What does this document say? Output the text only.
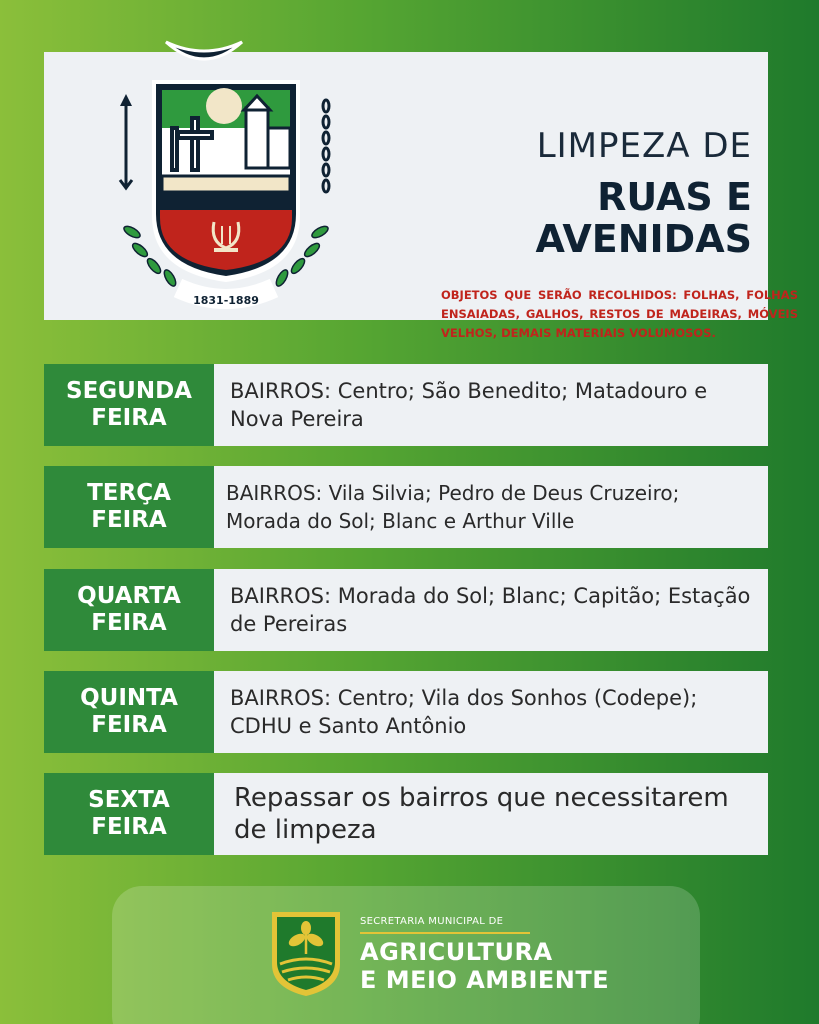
LIMPEZA DE
RUAS E
AVENIDAS
OBJETOS QUE SERÃO RECOLHIDOS: FOLHAS, FOLHAS ENSAIADAS, GALHOS, RESTOS DE MADEIRAS, MÓVEIS VELHOS, DEMAIS MATERIAIS VOLUMOSOS.
1831-1889
SEGUNDA
FEIRA
BAIRROS: Centro; São Benedito; Matadouro e Nova Pereira
TERÇA
FEIRA
BAIRROS: Vila Silvia; Pedro de Deus Cruzeiro; Morada do Sol; Blanc e Arthur Ville
QUARTA
FEIRA
BAIRROS: Morada do Sol; Blanc; Capitão; Estação de Pereiras
QUINTA
FEIRA
BAIRROS: Centro; Vila dos Sonhos (Codepe); CDHU e Santo Antônio
SEXTA
FEIRA
Repassar os bairros que necessitarem de limpeza
SECRETARIA MUNICIPAL DE
AGRICULTURA
E MEIO AMBIENTE
